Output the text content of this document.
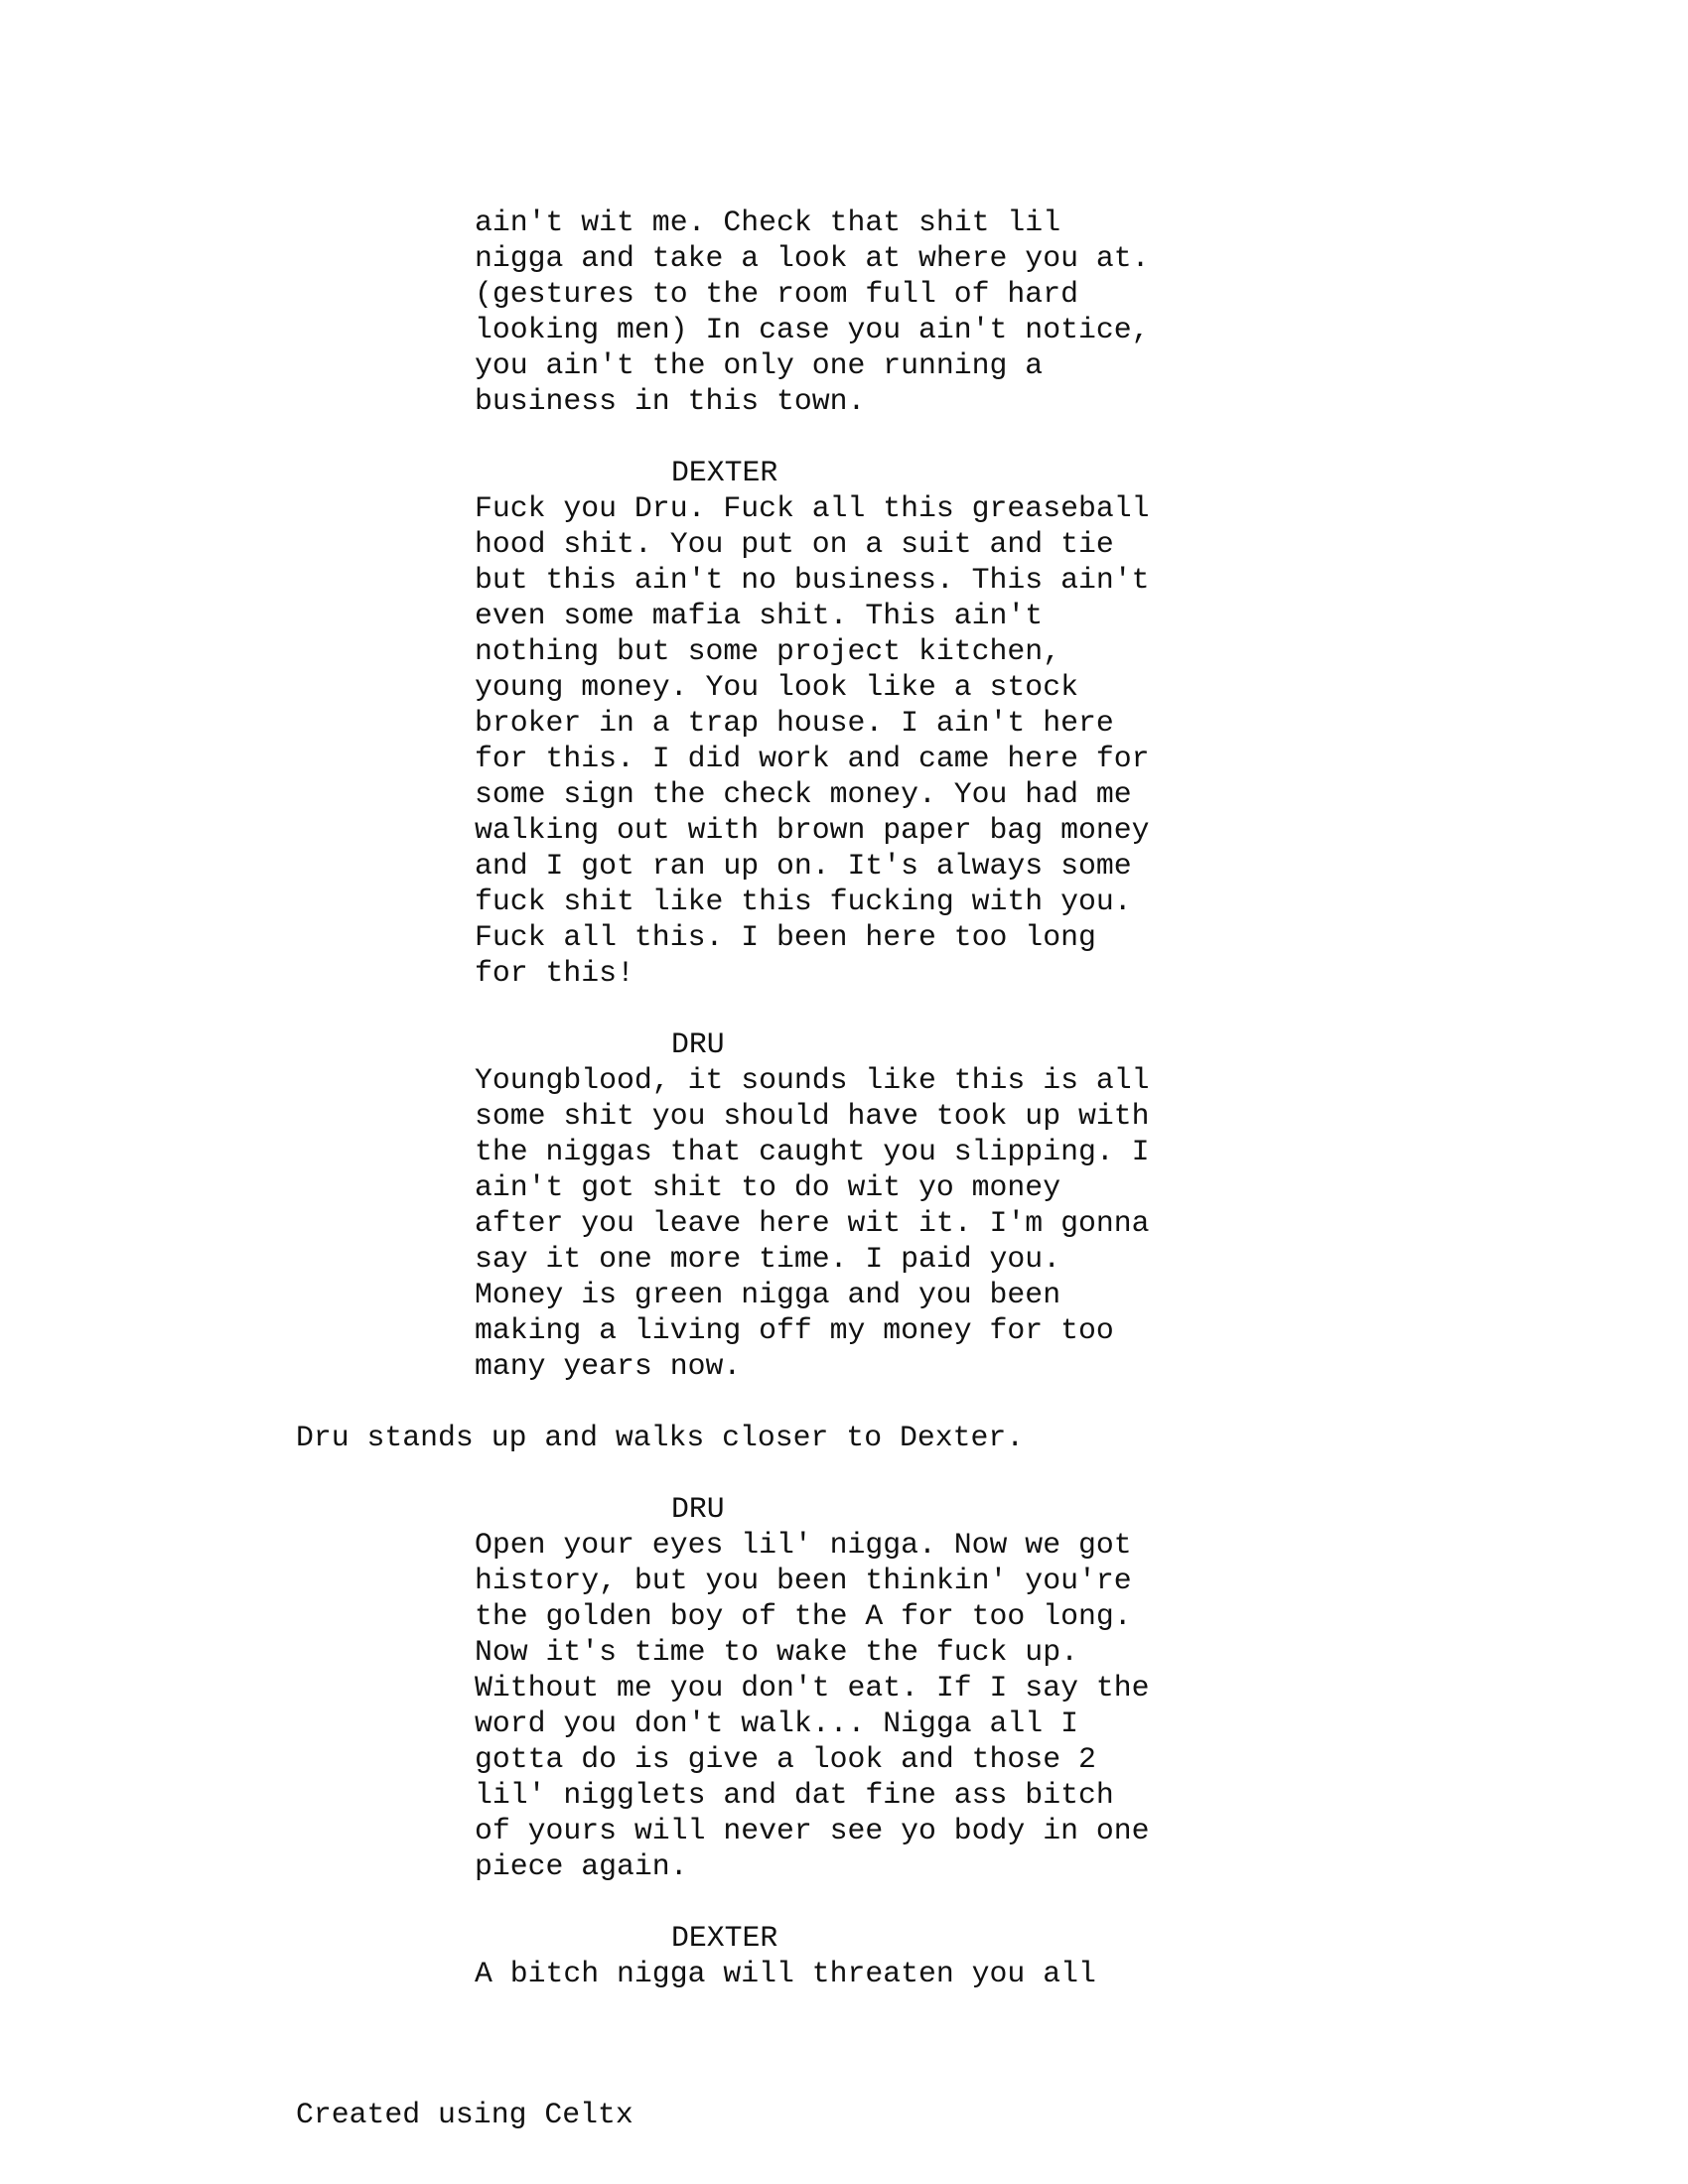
ain't wit me. Check that shit lil
nigga and take a look at where you at.
(gestures to the room full of hard
looking men) In case you ain't notice,
you ain't the only one running a
business in this town.
DEXTER
Fuck you Dru. Fuck all this greaseball
hood shit. You put on a suit and tie
but this ain't no business. This ain't
even some mafia shit. This ain't
nothing but some project kitchen,
young money. You look like a stock
broker in a trap house. I ain't here
for this. I did work and came here for
some sign the check money. You had me
walking out with brown paper bag money
and I got ran up on. It's always some
fuck shit like this fucking with you.
Fuck all this. I been here too long
for this!
DRU
Youngblood, it sounds like this is all
some shit you should have took up with
the niggas that caught you slipping. I
ain't got shit to do wit yo money
after you leave here wit it. I'm gonna
say it one more time. I paid you.
Money is green nigga and you been
making a living off my money for too
many years now.
Dru stands up and walks closer to Dexter.
DRU
Open your eyes lil' nigga. Now we got
history, but you been thinkin' you're
the golden boy of the A for too long.
Now it's time to wake the fuck up.
Without me you don't eat. If I say the
word you don't walk... Nigga all I
gotta do is give a look and those 2
lil' nigglets and dat fine ass bitch
of yours will never see yo body in one
piece again.
DEXTER
A bitch nigga will threaten you all
Created using Celtx
